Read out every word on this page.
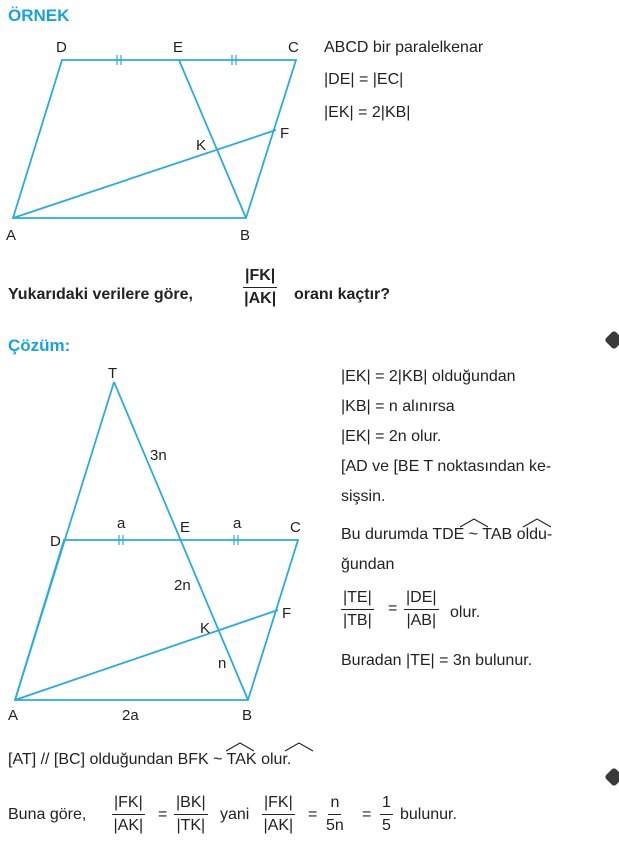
ÖRNEK
D	E	C
K
F
A	B
T
3n
a	a
D
E	C
2n
F
K
n
A	2a	B
ABCD bir paralelkenar
|DE| = |EC|
|EK| = 2|KB|
Yukarıdaki verilere göre,	$\frac{|FK|}{|AK|}$ oranı kaçtır?
Çözüm:
|EK| = 2|KB| olduğundan
|KB| = n alınırsa
|EK| = 2n olur.
[AD ve [BE T noktasından ke-
sişsin.
Bu durumda TDE ~ TAB oldu-
ğundan
$\frac{|TE|}{|TB|} = \frac{|DE|}{|AB|}$ olur.
Buradan |TE| = 3n bulunur.
[AT] // [BC] olduğundan BFK ~ TAK olur.
Buna göre, $\frac{|FK|}{|AK|} = \frac{|BK|}{|TK|}$ yani $\frac{|FK|}{|AK|} = \frac{n}{5n} = \frac{1}{5}$ bulunur.
